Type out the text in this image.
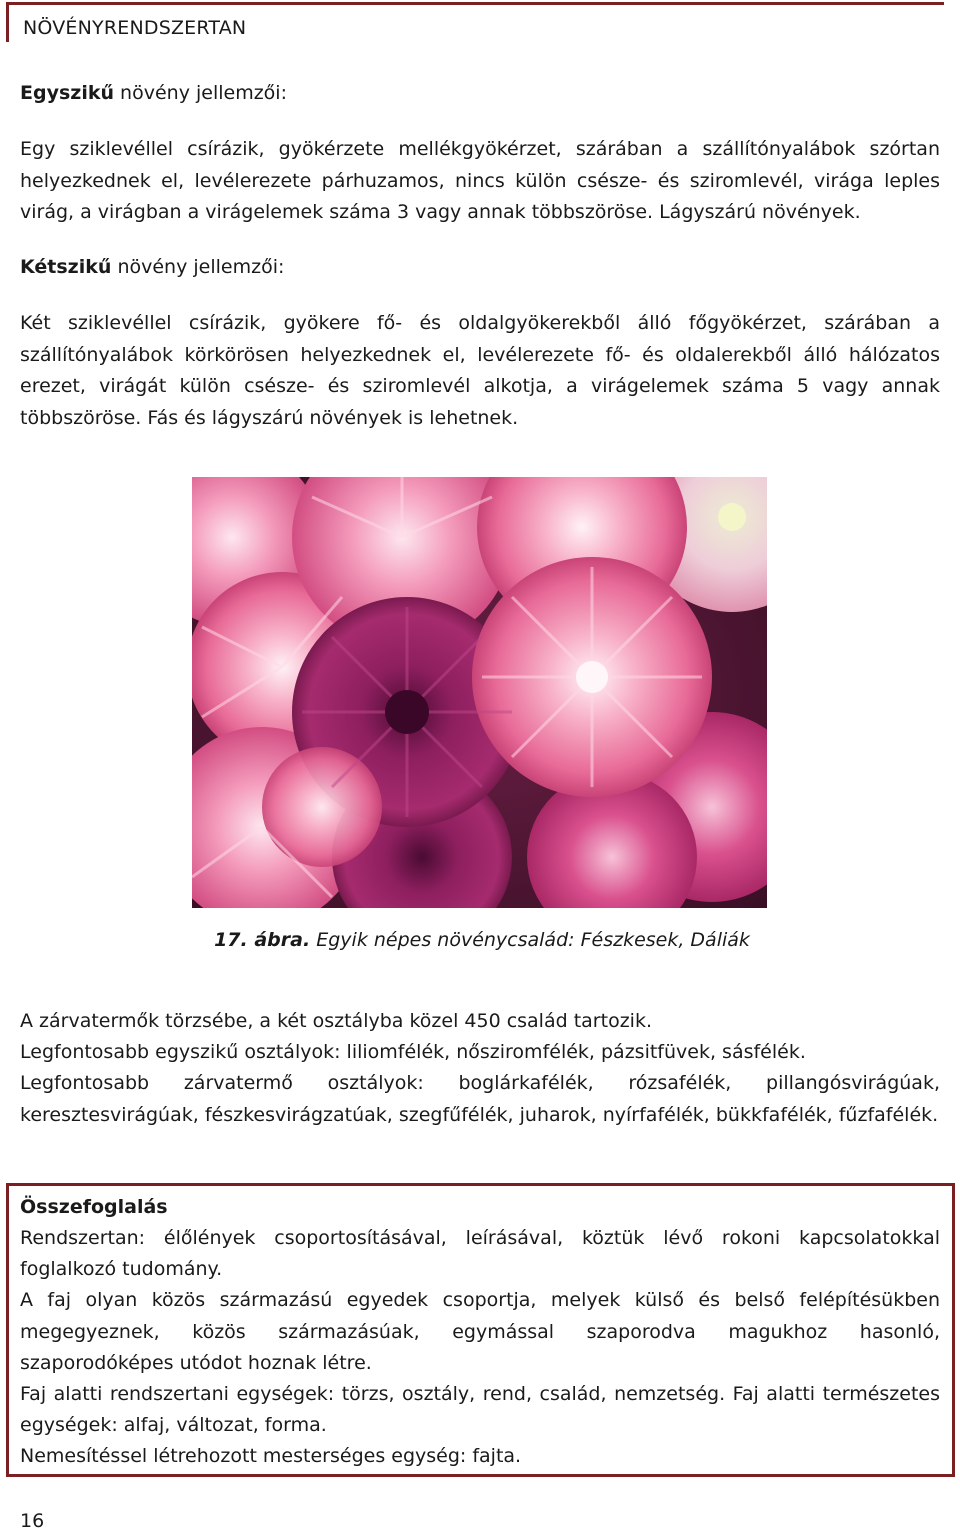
NÖVÉNYRENDSZERTAN
Egyszikű növény jellemzői:

Egy sziklevéllel csírázik, gyökérzete mellékgyökérzet, szárában a szállítónyalábok szórtan helyezkednek el, levélerezete párhuzamos, nincs külön csésze- és sziromlevél, virága leples virág, a virágban a virágelemek száma 3 vagy annak többszöröse. Lágyszárú növények.

Kétszikű növény jellemzői:

Két sziklevéllel csírázik, gyökere fő- és oldalgyökerekből álló főgyökérzet, szárában a szállítónyalábok körkörösen helyezkednek el, levélerezete fő- és oldalerekből álló hálózatos erezet, virágát külön csésze- és sziromlevél alkotja, a virágelemek száma 5 vagy annak többszöröse. Fás és lágyszárú növények is lehetnek.

17. ábra. Egyik népes növénycsalád: Fészkesek, Dáliák

A zárvatermők törzsébe, a két osztályba közel 450 család tartozik.

Legfontosabb egyszikű osztályok: liliomfélék, nősziromfélék, pázsitfüvek, sásfélék.

Legfontosabb zárvatermő osztályok: boglárkafélék, rózsafélék, pillangósvirágúak, keresztesvirágúak, fészkesvirágzatúak, szegfűfélék, juharok, nyírfafélék, bükkfafélék, fűzfafélék.

Összefoglalás

Rendszertan: élőlények csoportosításával, leírásával, köztük lévő rokoni kapcsolatokkal foglalkozó tudomány.

A faj olyan közös származású egyedek csoportja, melyek külső és belső felépítésükben megegyeznek, közös származásúak, egymással szaporodva magukhoz hasonló, szaporodóképes utódot hoznak létre.

Faj alatti rendszertani egységek: törzs, osztály, rend, család, nemzetség. Faj alatti természetes egységek: alfaj, változat, forma.

Nemesítéssel létrehozott mesterséges egység: fajta.

16
